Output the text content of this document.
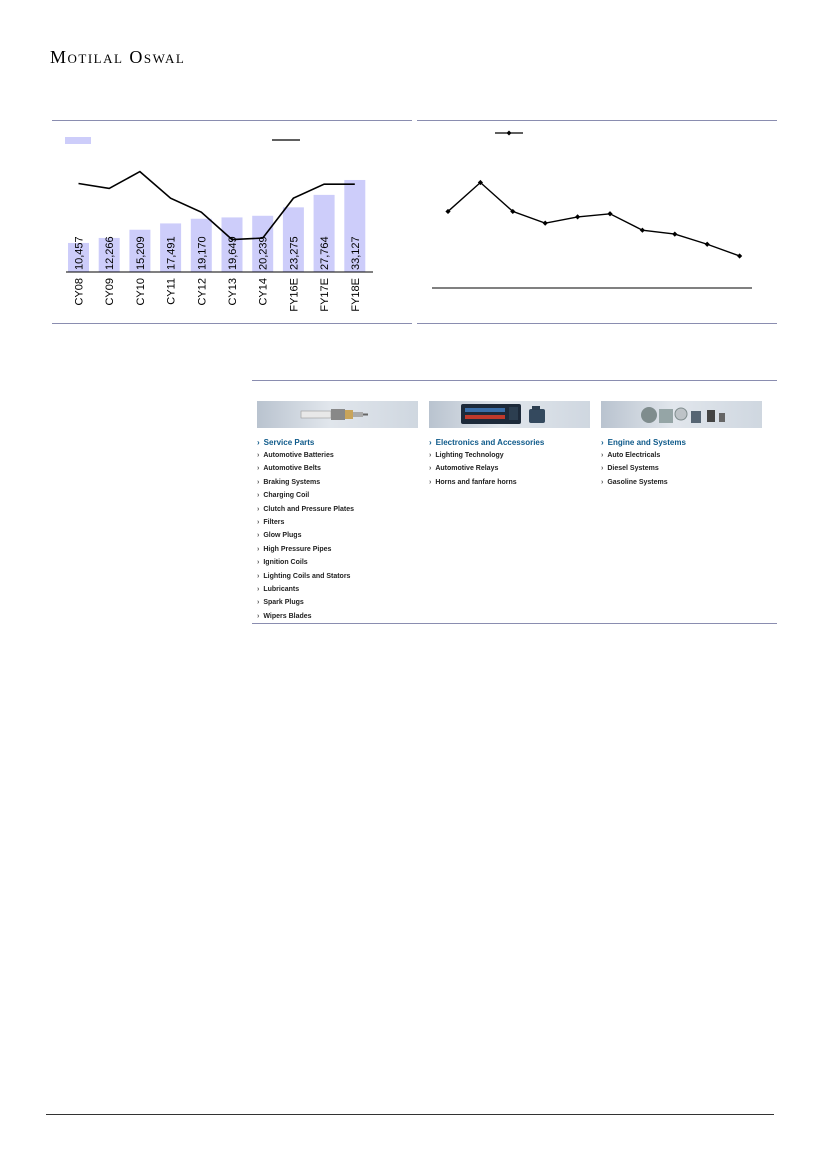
Motilal Oswal
10,457
CY08
12,266
CY09
15,209
CY10
17,491
CY11
19,170
CY12
19,649
CY13
20,239
CY14
23,275
FY16E
27,764
FY17E
33,127
FY18E
› Service Parts
› Automotive Batteries
› Automotive Belts
› Braking Systems
› Charging Coil
› Clutch and Pressure Plates
› Filters
› Glow Plugs
› High Pressure Pipes
› Ignition Coils
› Lighting Coils and Stators
› Lubricants
› Spark Plugs
› Wipers Blades
› Electronics and Accessories
› Lighting Technology
› Automotive Relays
› Horns and fanfare horns
› Engine and Systems
› Auto Electricals
› Diesel Systems
› Gasoline Systems
